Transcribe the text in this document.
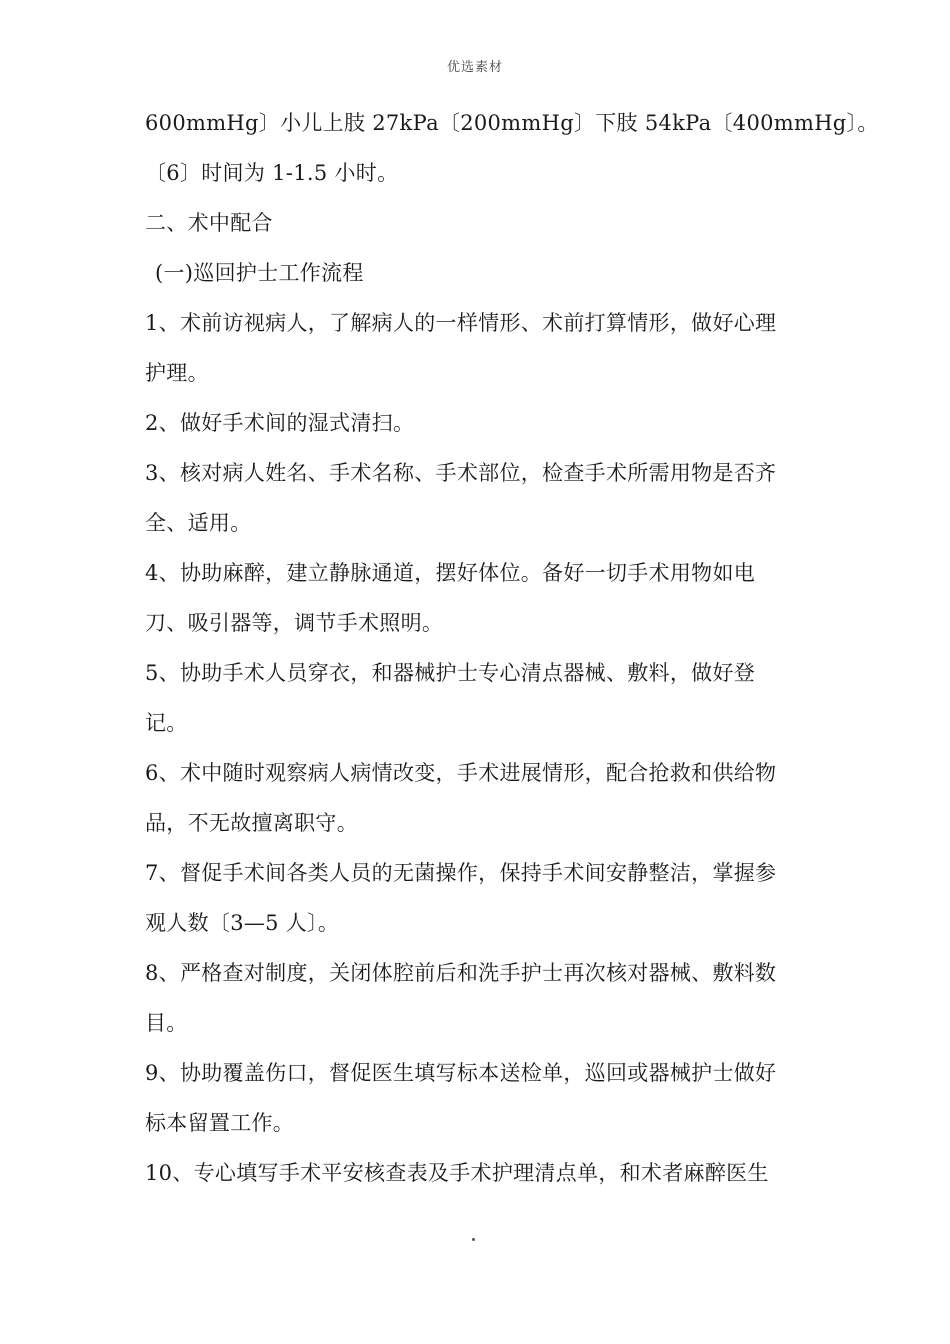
优选素材
600mmHg〕小儿上肢 27kPa〔200mmHg〕下肢 54kPa〔400mmHg〕。
〔6〕时间为 1-1.5 小时。
二、术中配合
(一)巡回护士工作流程
1、术前访视病人，了解病人的一样情形、术前打算情形，做好心理
护理。
2、做好手术间的湿式清扫。
3、核对病人姓名、手术名称、手术部位，检查手术所需用物是否齐
全、适用。
4、协助麻醉，建立静脉通道，摆好体位。备好一切手术用物如电
刀、吸引器等，调节手术照明。
5、协助手术人员穿衣，和器械护士专心清点器械、敷料，做好登
记。
6、术中随时观察病人病情改变，手术进展情形，配合抢救和供给物
品，不无故擅离职守。
7、督促手术间各类人员的无菌操作，保持手术间安静整洁，掌握参
观人数〔3—5 人〕。
8、严格查对制度，关闭体腔前后和洗手护士再次核对器械、敷料数
目。
9、协助覆盖伤口，督促医生填写标本送检单，巡回或器械护士做好
标本留置工作。
10、专心填写手术平安核查表及手术护理清点单，和术者麻醉医生
